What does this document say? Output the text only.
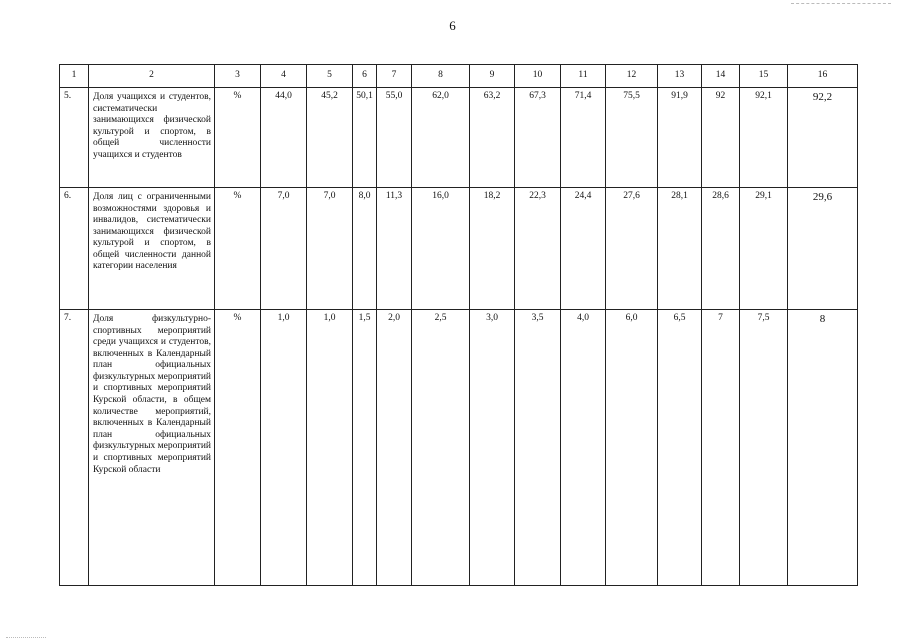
6
1	2	3	4	5	6	7	8	9	10	11	12	13	14	15	16
5.	Доля учащихся и студентов, систематически занимающихся физической культурой и спортом, в общей численности учащихся и студентов	%	44,0	45,2	50,1	55,0	62,0	63,2	67,3	71,4	75,5	91,9	92	92,1	92,2
6.	Доля лиц с ограниченными возможностями здоровья и инвалидов, систематически занимающихся физической культурой и спортом, в общей численности данной категории населения	%	7,0	7,0	8,0	11,3	16,0	18,2	22,3	24,4	27,6	28,1	28,6	29,1	29,6
7.	Доля физкультурно-спортивных мероприятий среди учащихся и студентов, включенных в Календарный план официальных физкультурных мероприятий и спортивных мероприятий Курской области, в общем количестве мероприятий, включенных в Календарный план официальных физкультурных мероприятий и спортивных мероприятий Курской области	%	1,0	1,0	1,5	2,0	2,5	3,0	3,5	4,0	6,0	6,5	7	7,5	8
